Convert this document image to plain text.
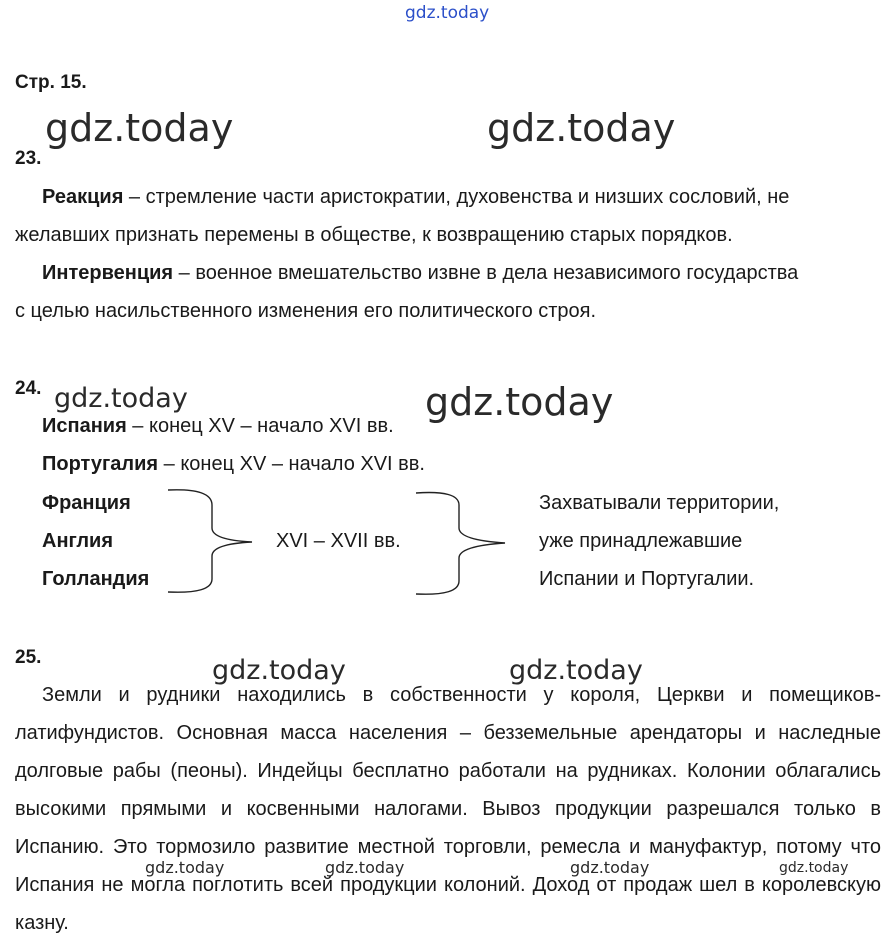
gdz.today
gdz.today	gdz.today
gdz.today	gdz.today
gdz.today	gdz.today
gdz.today	gdz.today	gdz.today	gdz.today
Стр. 15.
23.
Реакция – стремление части аристократии, духовенства и низших сословий, не
желавших признать перемены в обществе, к возвращению старых порядков.
Интервенция – военное вмешательство извне в дела независимого государства
с целью насильственного изменения его политического строя.
24.
Испания – конец XV – начало XVI вв.
Португалия – конец XV – начало XVI вв.
Франция
Англия
Голландия
XVI – XVII вв.
Захватывали территории,
уже принадлежавшие
Испании и Португалии.
25.
Земли и рудники находились в собственности у короля, Церкви и помещиков-латифундистов. Основная масса населения – безземельные арендаторы и наследные долговые рабы (пеоны). Индейцы бесплатно работали на рудниках. Колонии облагались высокими прямыми и косвенными налогами. Вывоз продукции разрешался только в Испанию. Это тормозило развитие местной торговли, ремесла и мануфактур, потому что Испания не могла поглотить всей продукции колоний. Доход от продаж шел в королевскую казну.
